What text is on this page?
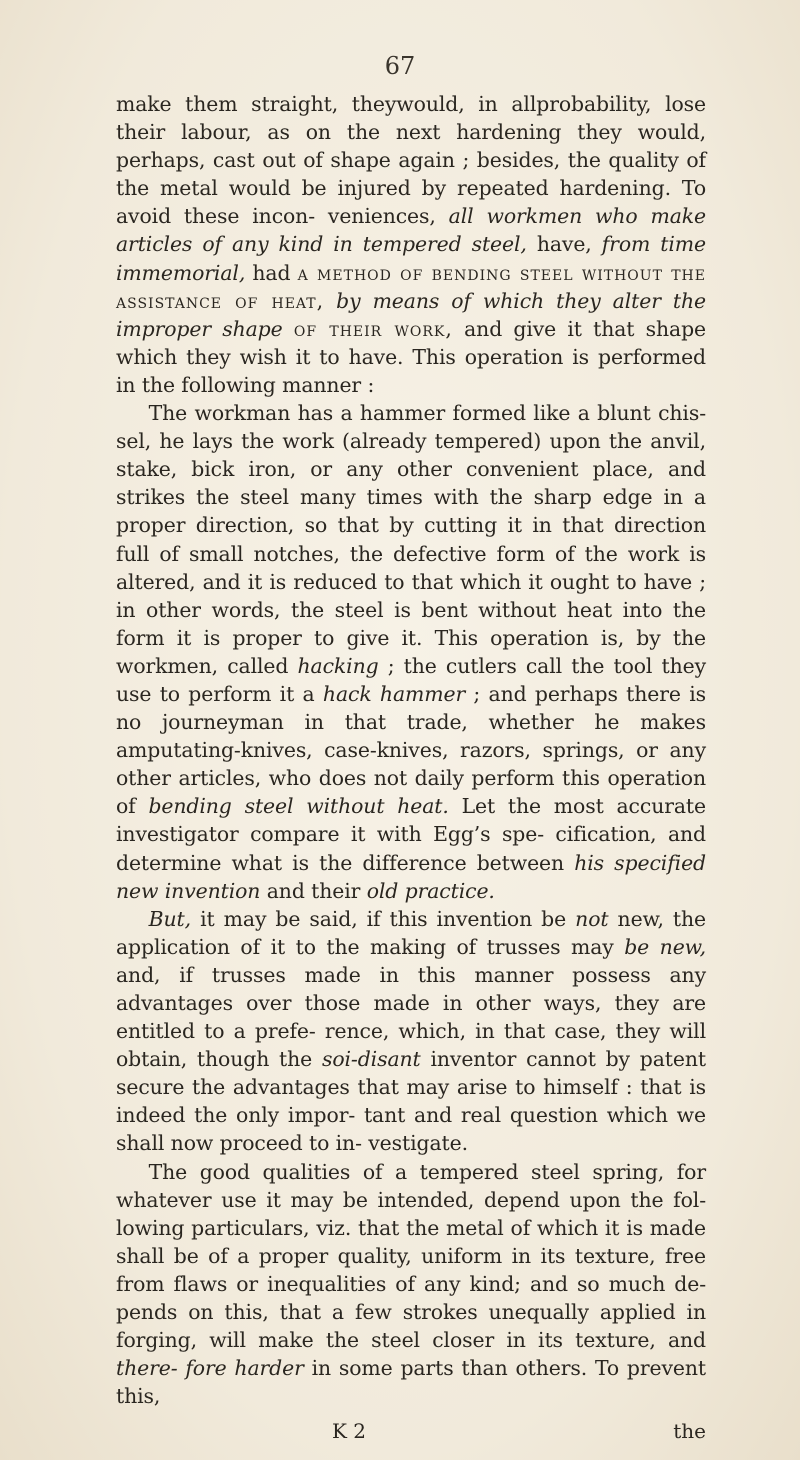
67

make them straight, theywould, in allprobability, lose their labour, as on the next hardening they would, perhaps, cast out of shape again ; besides, the quality of the metal would be injured by repeated hardening. To avoid these incon- veniences, all workmen who make articles of any kind in tempered steel, have, from time immemorial, had a method of bending steel without the assistance of heat, by means of which they alter the improper shape of their work, and give it that shape which they wish it to have. This operation is performed in the following manner :

The workman has a hammer formed like a blunt chis- sel, he lays the work (already tempered) upon the anvil, stake, bick iron, or any other convenient place, and strikes the steel many times with the sharp edge in a proper direction, so that by cutting it in that direction full of small notches, the defective form of the work is altered, and it is reduced to that which it ought to have ; in other words, the steel is bent without heat into the form it is proper to give it. This operation is, by the workmen, called hacking ; the cutlers call the tool they use to perform it a hack hammer ; and perhaps there is no journeyman in that trade, whether he makes amputating-knives, case-knives, razors, springs, or any other articles, who does not daily perform this operation of bending steel without heat. Let the most accurate investigator compare it with Egg’s spe- cification, and determine what is the difference between his specified new invention and their old practice.

But, it may be said, if this invention be not new, the application of it to the making of trusses may be new, and, if trusses made in this manner possess any advantages over those made in other ways, they are entitled to a prefe- rence, which, in that case, they will obtain, though the soi-disant inventor cannot by patent secure the advantages that may arise to himself : that is indeed the only impor- tant and real question which we shall now proceed to in- vestigate.

The good qualities of a tempered steel spring, for whatever use it may be intended, depend upon the fol- lowing particulars, viz. that the metal of which it is made shall be of a proper quality, uniform in its texture, free from flaws or inequalities of any kind; and so much de- pends on this, that a few strokes unequally applied in forging, will make the steel closer in its texture, and there- fore harder in some parts than others. To prevent this,

K 2	the
